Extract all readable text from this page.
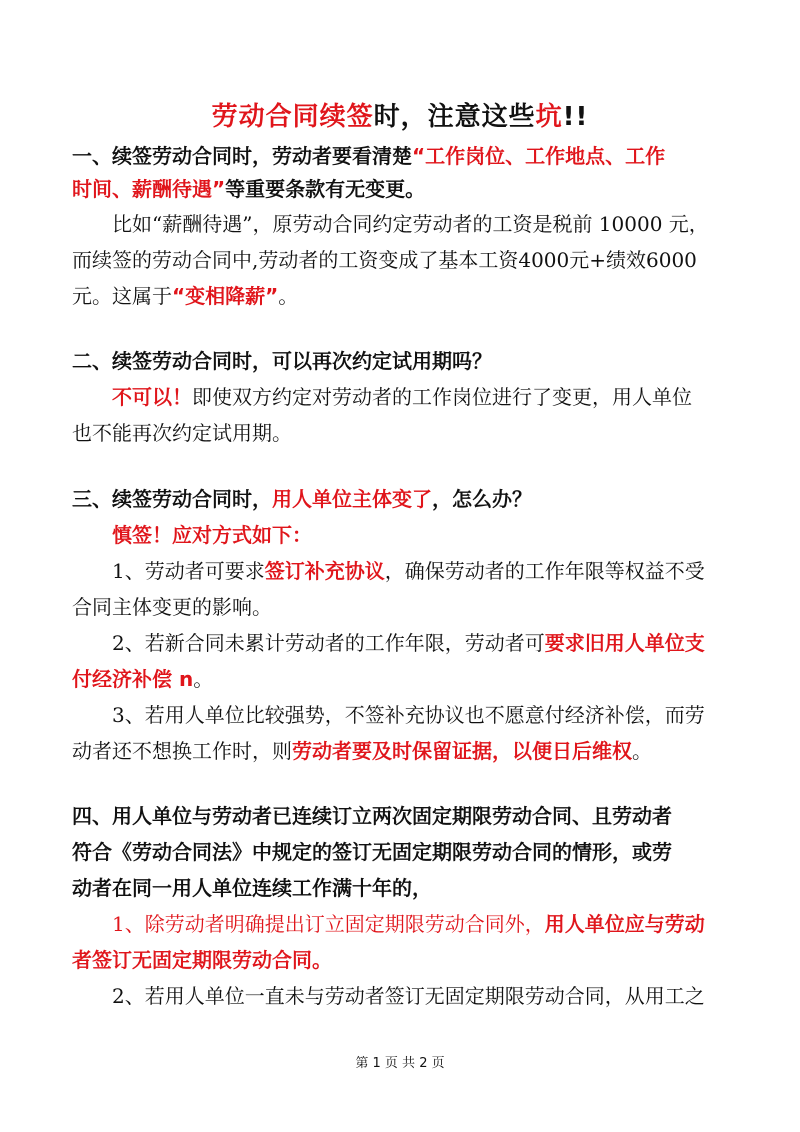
劳动合同续签时，注意这些坑!!
一、续签劳动合同时，劳动者要看清楚“工作岗位、工作地点、工作
时间、薪酬待遇”等重要条款有无变更。
比如“薪酬待遇”，原劳动合同约定劳动者的工资是税前 10000 元，
而续签的劳动合同中,劳动者的工资变成了基本工资4000元+绩效6000
元。这属于“变相降薪”。
二、续签劳动合同时，可以再次约定试用期吗？
不可以！即使双方约定对劳动者的工作岗位进行了变更，用人单位
也不能再次约定试用期。
三、续签劳动合同时，用人单位主体变了，怎么办？
慎签！应对方式如下：
1、劳动者可要求签订补充协议，确保劳动者的工作年限等权益不受
合同主体变更的影响。
2、若新合同未累计劳动者的工作年限，劳动者可要求旧用人单位支
付经济补偿 n。
3、若用人单位比较强势，不签补充协议也不愿意付经济补偿，而劳
动者还不想换工作时，则劳动者要及时保留证据，以便日后维权。
四、用人单位与劳动者已连续订立两次固定期限劳动合同、且劳动者
符合《劳动合同法》中规定的签订无固定期限劳动合同的情形，或劳
动者在同一用人单位连续工作满十年的，
1、除劳动者明确提出订立固定期限劳动合同外，用人单位应与劳动
者签订无固定期限劳动合同。
2、若用人单位一直未与劳动者签订无固定期限劳动合同，从用工之
第 1 页 共 2 页
